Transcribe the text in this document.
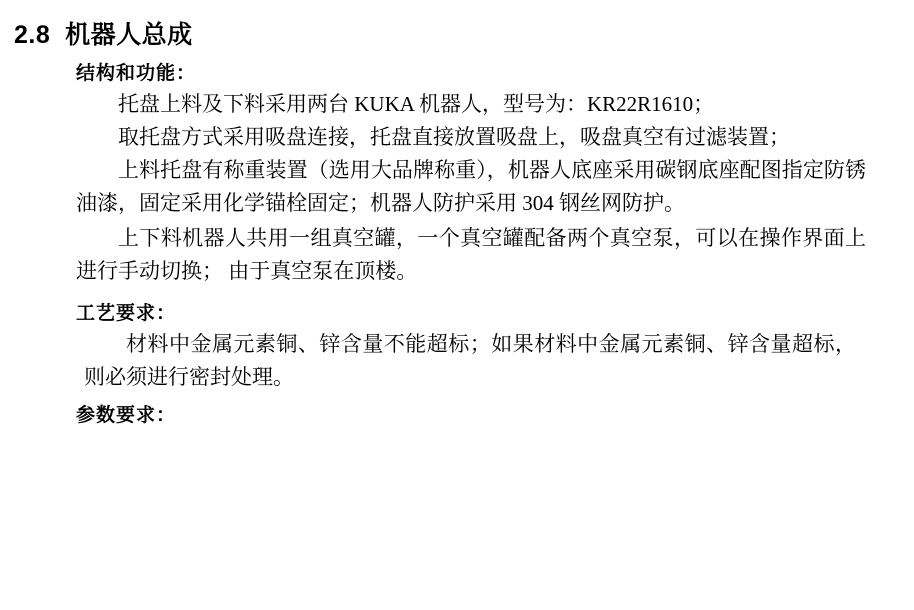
2.8 机器人总成
结构和功能：

托盘上料及下料采用两台 KUKA 机器人，型号为：KR22R1610；

取托盘方式采用吸盘连接，托盘直接放置吸盘上，吸盘真空有过滤装置；

上料托盘有称重装置（选用大品牌称重），机器人底座采用碳钢底座配图指定防锈油漆，固定采用化学锚栓固定；机器人防护采用 304 钢丝网防护。

上下料机器人共用一组真空罐，一个真空罐配备两个真空泵，可以在操作界面上进行手动切换； 由于真空泵在顶楼。

工艺要求：

材料中金属元素铜、锌含量不能超标；如果材料中金属元素铜、锌含量超标，则必须进行密封处理。

参数要求：
